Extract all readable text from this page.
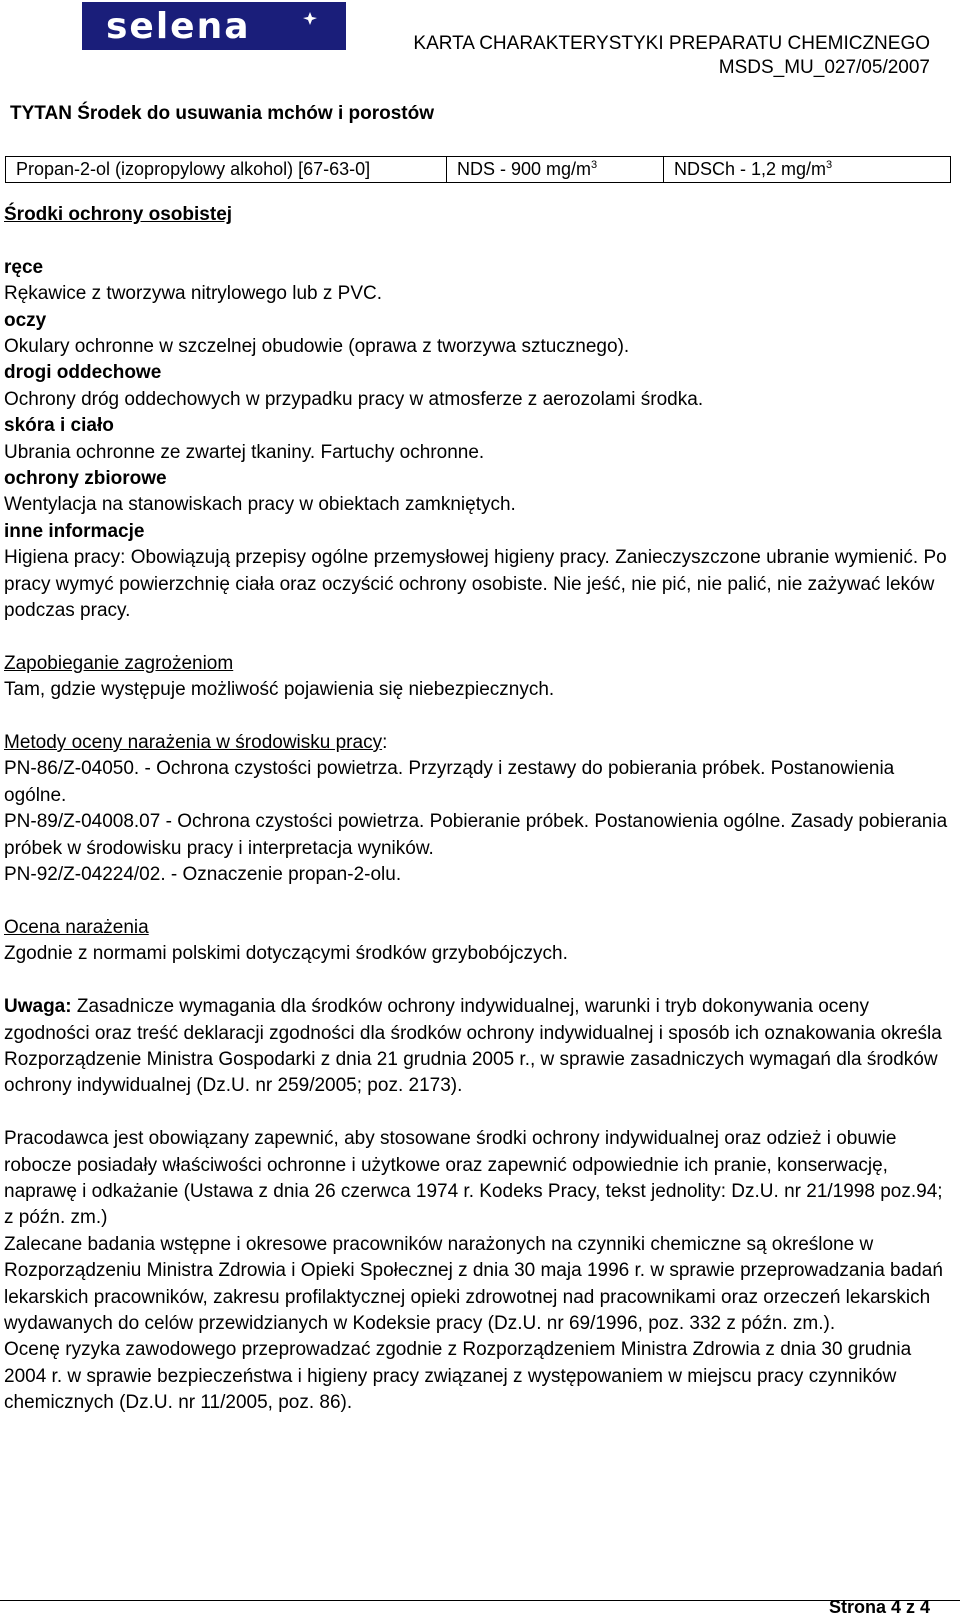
selena	KARTA CHARAKTERYSTYKI PREPARATU CHEMICZNEGO
MSDS_MU_027/05/2007
TYTAN Środek do usuwania mchów i porostów
Propan-2-ol (izopropylowy alkohol) [67-63-0]	NDS - 900 $mg/m^3$	NDSCh - 1,2 $mg/m^3$

Środki ochrony osobistej

ręce

Rękawice z tworzywa nitrylowego lub z PVC.

oczy

Okulary ochronne w szczelnej obudowie (oprawa z tworzywa sztucznego).

drogi oddechowe

Ochrony dróg oddechowych w przypadku pracy w atmosferze z aerozolami środka.

skóra i ciało

Ubrania ochronne ze zwartej tkaniny. Fartuchy ochronne.

ochrony zbiorowe

Wentylacja na stanowiskach pracy w obiektach zamkniętych.

inne informacje

Higiena pracy: Obowiązują przepisy ogólne przemysłowej higieny pracy. Zanieczyszczone ubranie wymienić. Po pracy wymyć powierzchnię ciała oraz oczyścić ochrony osobiste. Nie jeść, nie pić, nie palić, nie zażywać leków podczas pracy.

Zapobieganie zagrożeniom

Tam, gdzie występuje możliwość pojawienia się niebezpiecznych.

Metody oceny narażenia w środowisku pracy:

PN-86/Z-04050. - Ochrona czystości powietrza. Przyrządy i zestawy do pobierania próbek. Postanowienia ogólne.

PN-89/Z-04008.07 - Ochrona czystości powietrza. Pobieranie próbek. Postanowienia ogólne. Zasady pobierania próbek w środowisku pracy i interpretacja wyników.

PN-92/Z-04224/02. - Oznaczenie propan-2-olu.

Ocena narażenia

Zgodnie z normami polskimi dotyczącymi środków grzybobójczych.

Uwaga: Zasadnicze wymagania dla środków ochrony indywidualnej, warunki i tryb dokonywania oceny zgodności oraz treść deklaracji zgodności dla środków ochrony indywidualnej i sposób ich oznakowania określa Rozporządzenie Ministra Gospodarki z dnia 21 grudnia 2005 r., w sprawie zasadniczych wymagań dla środków ochrony indywidualnej (Dz.U. nr 259/2005; poz. 2173).

Pracodawca jest obowiązany zapewnić, aby stosowane środki ochrony indywidualnej oraz odzież i obuwie robocze posiadały właściwości ochronne i użytkowe oraz zapewnić odpowiednie ich pranie, konserwację, naprawę i odkażanie (Ustawa z dnia 26 czerwca 1974 r. Kodeks Pracy, tekst jednolity: Dz.U. nr 21/1998 poz.94; z późn. zm.)

Zalecane badania wstępne i okresowe pracowników narażonych na czynniki chemiczne są określone w Rozporządzeniu Ministra Zdrowia i Opieki Społecznej z dnia 30 maja 1996 r. w sprawie przeprowadzania badań lekarskich pracowników, zakresu profilaktycznej opieki zdrowotnej nad pracownikami oraz orzeczeń lekarskich wydawanych do celów przewidzianych w Kodeksie pracy (Dz.U. nr 69/1996, poz. 332 z późn. zm.).

Ocenę ryzyka zawodowego przeprowadzać zgodnie z Rozporządzeniem Ministra Zdrowia z dnia 30 grudnia 2004 r. w sprawie bezpieczeństwa i higieny pracy związanej z występowaniem w miejscu pracy czynników chemicznych (Dz.U. nr 11/2005, poz. 86).

Strona 4 z 4
